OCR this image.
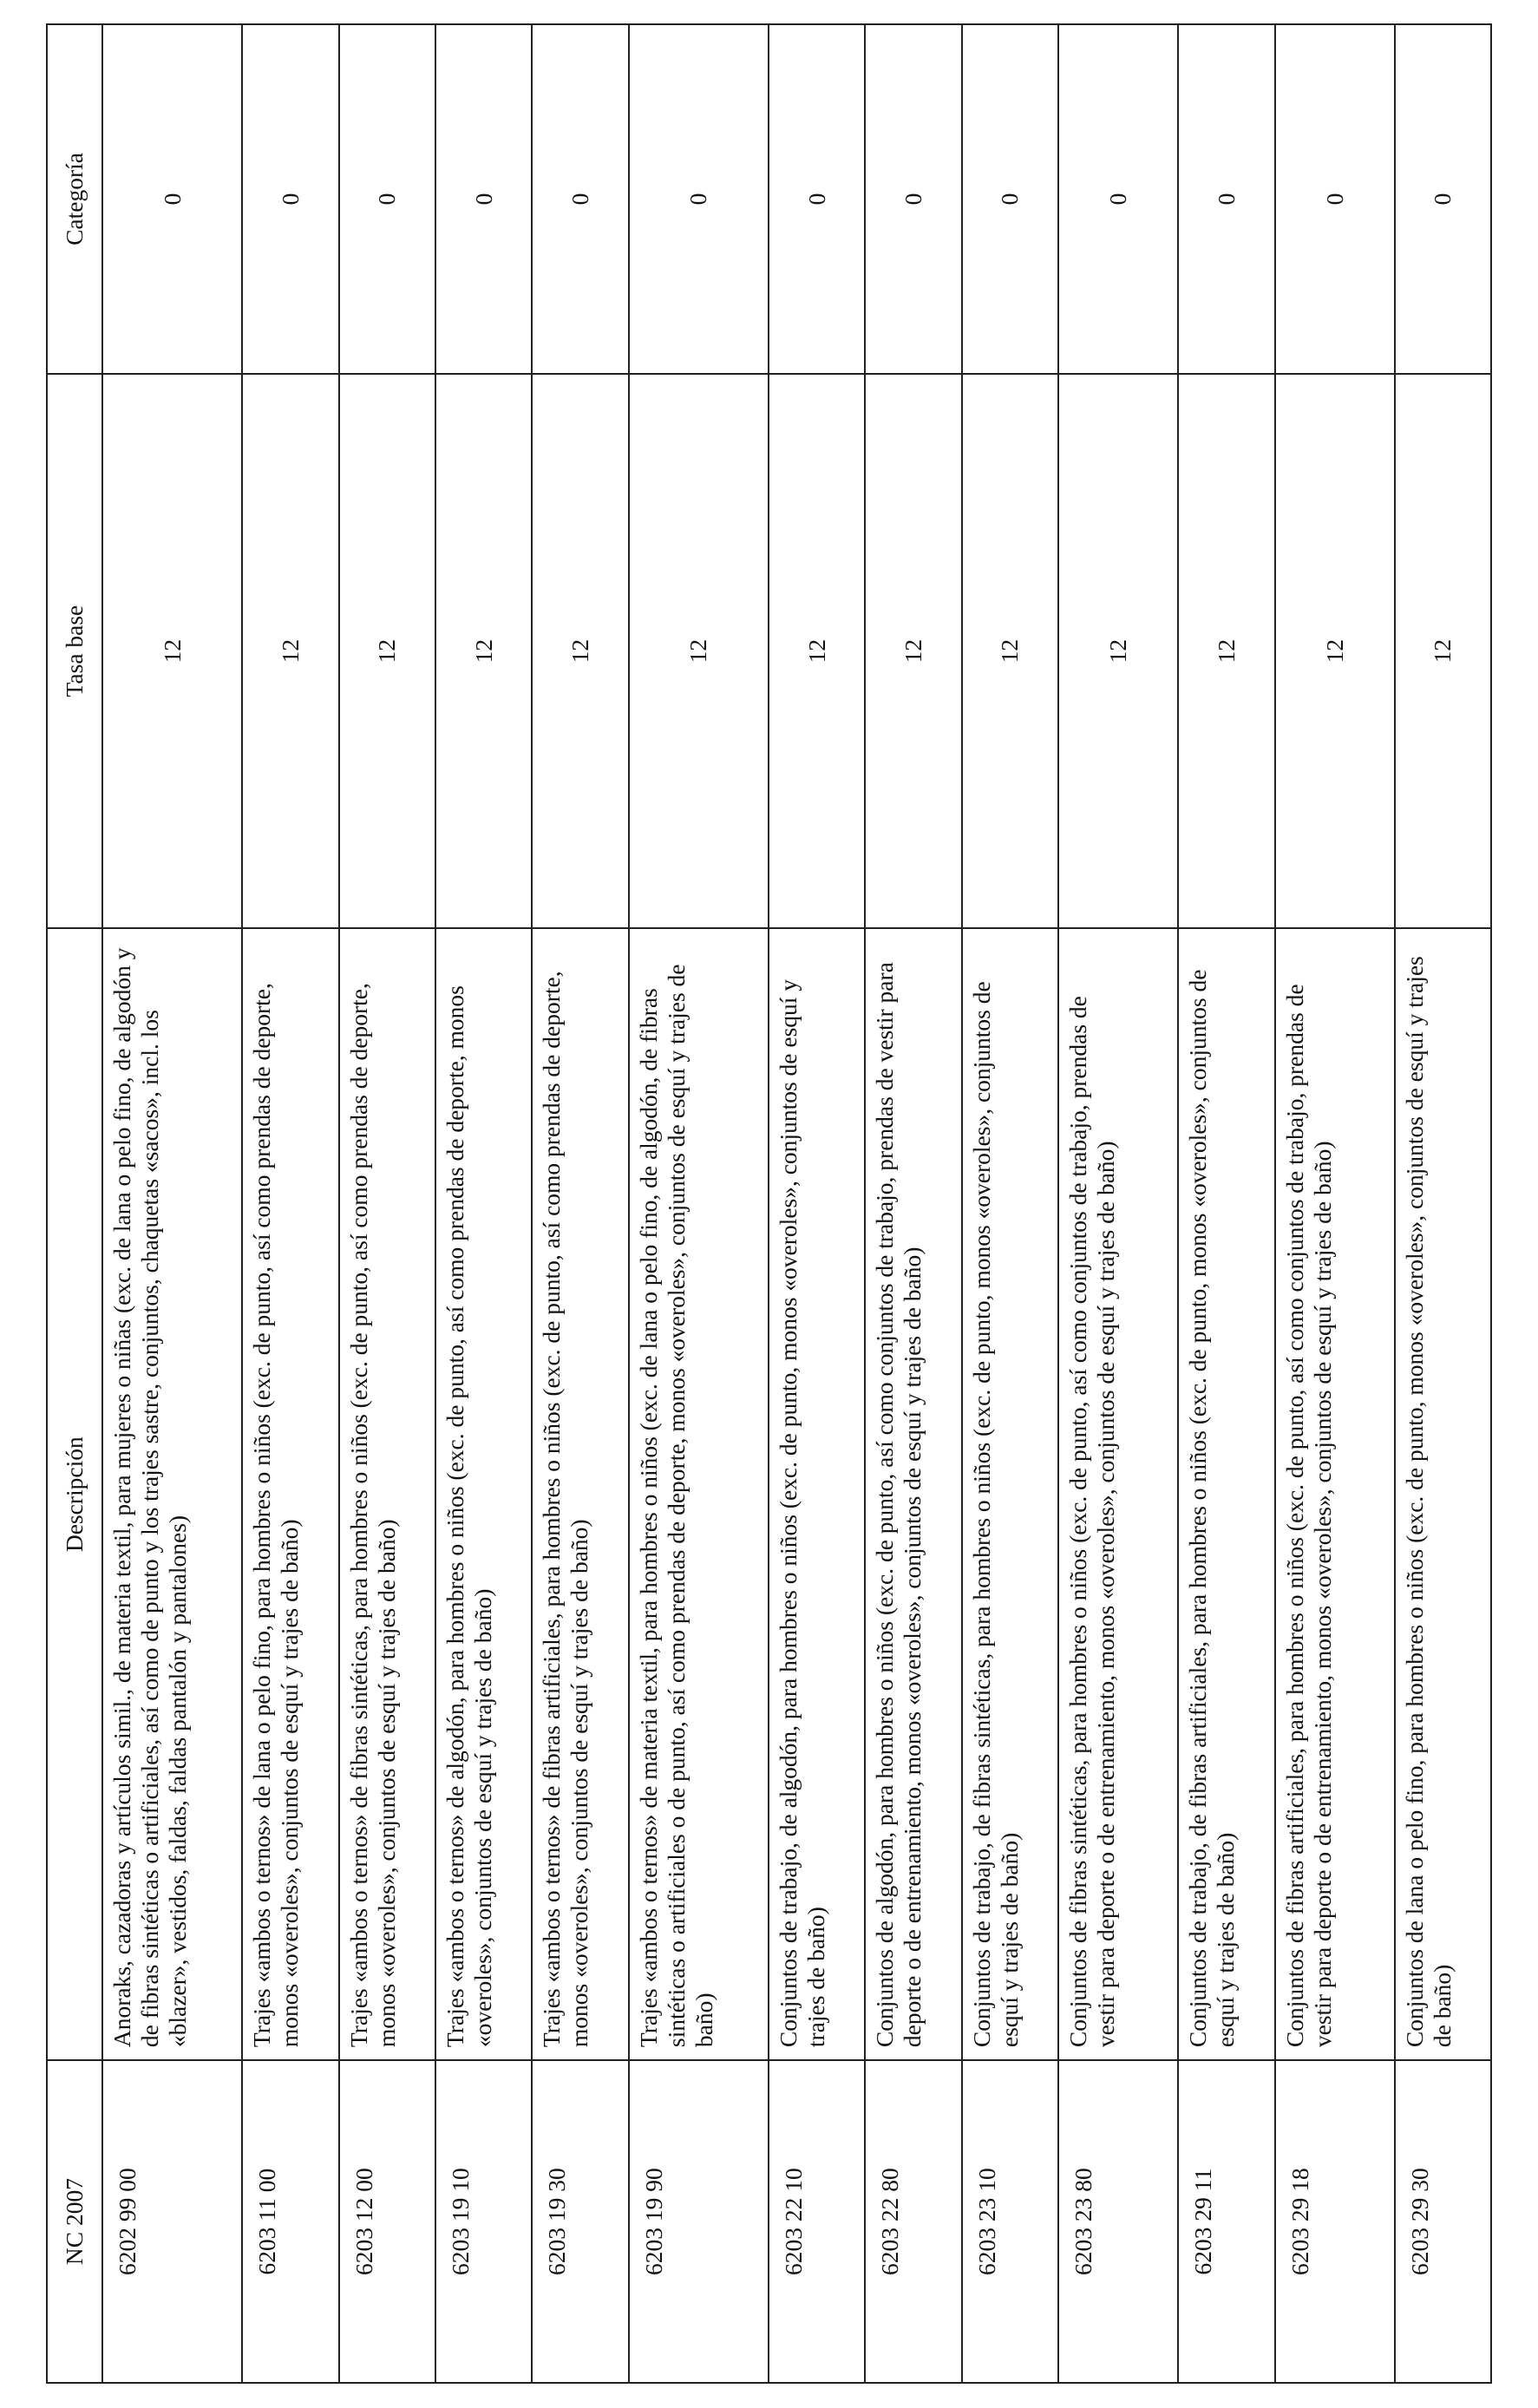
NC 2007	Descripción	Tasa base	Categoría
6202 99 00	Anoraks, cazadoras y artículos simil., de materia textil, para mujeres o niñas (exc. de lana o pelo fino, de algodón y de fibras sintéticas o artificiales, así como de punto y los trajes sastre, conjuntos, chaquetas «sacos», incl. los «blazer», vestidos, faldas, faldas pantalón y pantalones)	12	0
6203 11 00	Trajes «ambos o ternos» de lana o pelo fino, para hombres o niños (exc. de punto, así como prendas de deporte, monos «overoles», conjuntos de esquí y trajes de baño)	12	0
6203 12 00	Trajes «ambos o ternos» de fibras sintéticas, para hombres o niños (exc. de punto, así como prendas de deporte, monos «overoles», conjuntos de esquí y trajes de baño)	12	0
6203 19 10	Trajes «ambos o ternos» de algodón, para hombres o niños (exc. de punto, así como prendas de deporte, monos «overoles», conjuntos de esquí y trajes de baño)	12	0
6203 19 30	Trajes «ambos o ternos» de fibras artificiales, para hombres o niños (exc. de punto, así como prendas de deporte, monos «overoles», conjuntos de esquí y trajes de baño)	12	0
6203 19 90	Trajes «ambos o ternos» de materia textil, para hombres o niños (exc. de lana o pelo fino, de algodón, de fibras sintéticas o artificiales o de punto, así como prendas de deporte, monos «overoles», conjuntos de esquí y trajes de baño)	12	0
6203 22 10	Conjuntos de trabajo, de algodón, para hombres o niños (exc. de punto, monos «overoles», conjuntos de esquí y trajes de baño)	12	0
6203 22 80	Conjuntos de algodón, para hombres o niños (exc. de punto, así como conjuntos de trabajo, prendas de vestir para deporte o de entrenamiento, monos «overoles», conjuntos de esquí y trajes de baño)	12	0
6203 23 10	Conjuntos de trabajo, de fibras sintéticas, para hombres o niños (exc. de punto, monos «overoles», conjuntos de esquí y trajes de baño)	12	0
6203 23 80	Conjuntos de fibras sintéticas, para hombres o niños (exc. de punto, así como conjuntos de trabajo, prendas de vestir para deporte o de entrenamiento, monos «overoles», conjuntos de esquí y trajes de baño)	12	0
6203 29 11	Conjuntos de trabajo, de fibras artificiales, para hombres o niños (exc. de punto, monos «overoles», conjuntos de esquí y trajes de baño)	12	0
6203 29 18	Conjuntos de fibras artificiales, para hombres o niños (exc. de punto, así como conjuntos de trabajo, prendas de vestir para deporte o de entrenamiento, monos «overoles», conjuntos de esquí y trajes de baño)	12	0
6203 29 30	Conjuntos de lana o pelo fino, para hombres o niños (exc. de punto, monos «overoles», conjuntos de esquí y trajes de baño)	12	0
